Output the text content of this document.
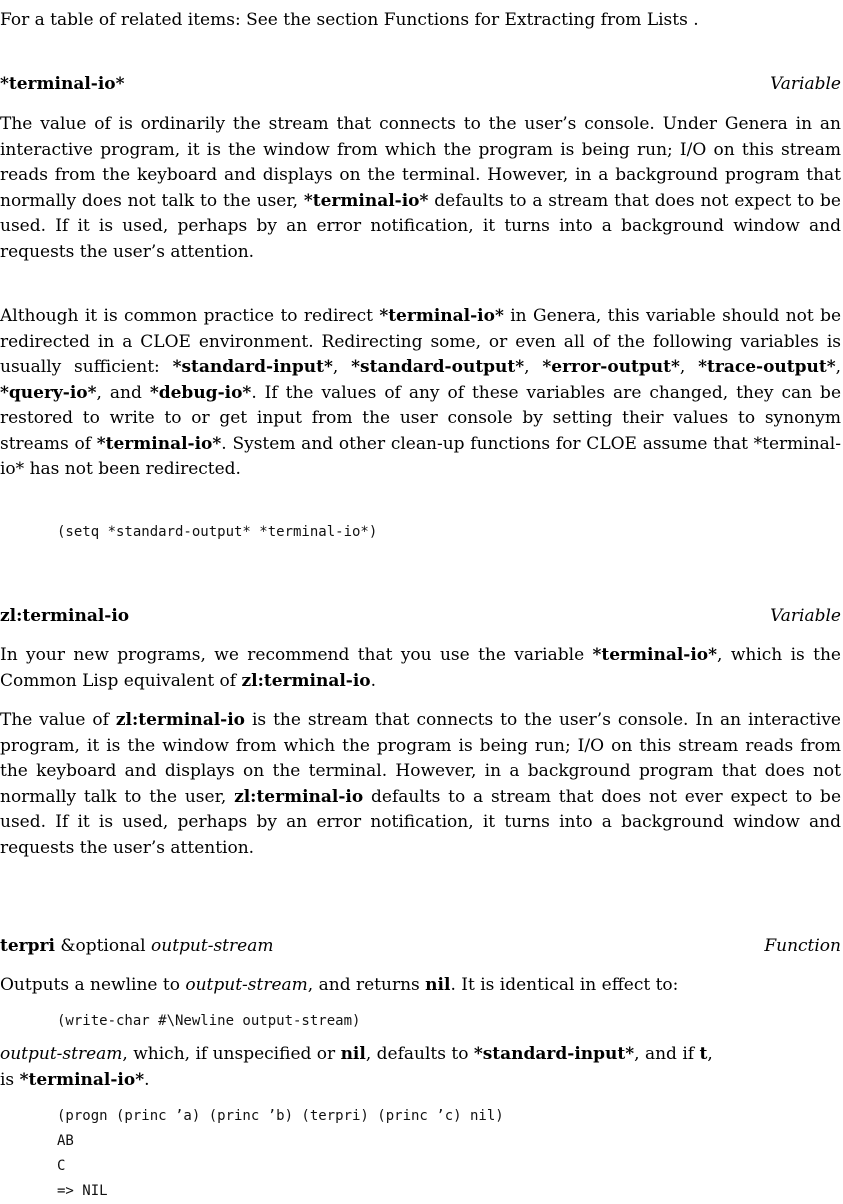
For a table of related items: See the section Functions for Extracting from Lists .

*terminal-io*	Variable

The value of is ordinarily the stream that connects to the user’s console. Under Genera in an interactive program, it is the window from which the program is being run; I/O on this stream reads from the keyboard and displays on the terminal. However, in a background program that normally does not talk to the user, *terminal-io* defaults to a stream that does not expect to be used. If it is used, perhaps by an error notification, it turns into a background window and requests the user’s attention.

Although it is common practice to redirect *terminal-io* in Genera, this variable should not be redirected in a CLOE environment. Redirecting some, or even all of the following variables is usually sufficient: *standard-input*, *standard-output*, *error-output*, *trace-output*, *query-io*, and *debug-io*. If the values of any of these variables are changed, they can be restored to write to or get input from the user console by setting their values to synonym streams of *terminal-io*. System and other clean-up functions for CLOE assume that *terminal-io* has not been redirected.

(setq *standard-output* *terminal-io*)
zl:terminal-io	Variable

In your new programs, we recommend that you use the variable *terminal-io*, which is the Common Lisp equivalent of zl:terminal-io.

The value of zl:terminal-io is the stream that connects to the user’s console. In an interactive program, it is the window from which the program is being run; I/O on this stream reads from the keyboard and displays on the terminal. However, in a background program that does not normally talk to the user, zl:terminal-io defaults to a stream that does not ever expect to be used. If it is used, perhaps by an error notification, it turns into a background window and requests the user’s attention.

terpri &optional output-stream	Function

Outputs a newline to output-stream, and returns nil. It is identical in effect to:

(write-char #\Newline output-stream)

output-stream, which, if unspecified or nil, defaults to *standard-input*, and if t,
is *terminal-io*.

(progn (princ ’a) (princ ’b) (terpri) (princ ’c) nil)
AB
C
=> NIL
